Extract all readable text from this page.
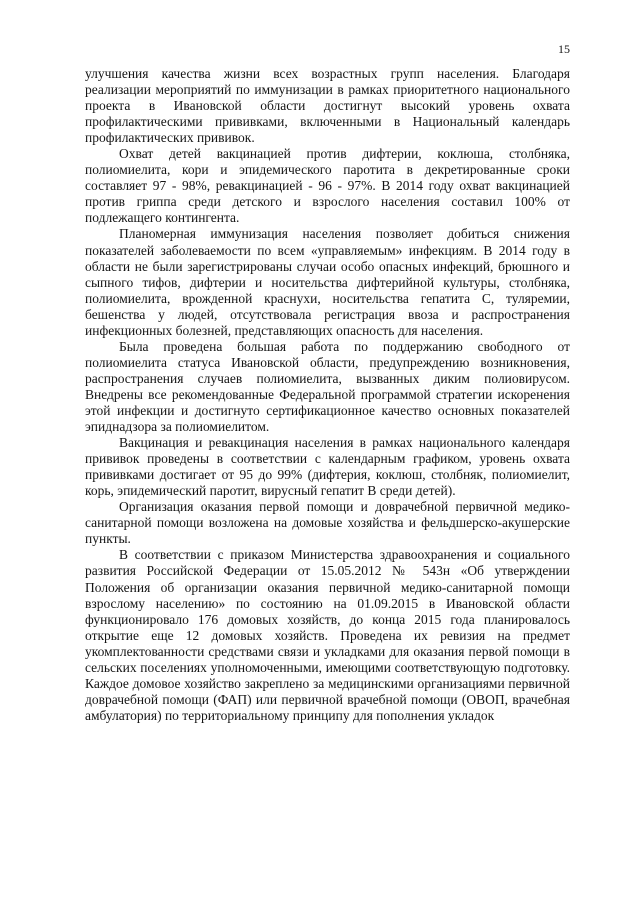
15

улучшения качества жизни всех возрастных групп населения. Благодаря реализации мероприятий по иммунизации в рамках приоритетного национального проекта в Ивановской области достигнут высокий уровень охвата профилактическими прививками, включенными в Национальный календарь профилактических прививок.

Охват детей вакцинацией против дифтерии, коклюша, столбняка, полиомиелита, кори и эпидемического паротита в декретированные сроки составляет 97 - 98%, ревакцинацией - 96 - 97%. В 2014 году охват вакцинацией против гриппа среди детского и взрослого населения составил 100% от подлежащего контингента.

Планомерная иммунизация населения позволяет добиться снижения показателей заболеваемости по всем «управляемым» инфекциям. В 2014 году в области не были зарегистрированы случаи особо опасных инфекций, брюшного и сыпного тифов, дифтерии и носительства дифтерийной культуры, столбняка, полиомиелита, врожденной краснухи, носительства гепатита С, туляремии, бешенства у людей, отсутствовала регистрация ввоза и распространения инфекционных болезней, представляющих опасность для населения.

Была проведена большая работа по поддержанию свободного от полиомиелита статуса Ивановской области, предупреждению возникновения, распространения случаев полиомиелита, вызванных диким полиовирусом. Внедрены все рекомендованные Федеральной программой стратегии искоренения этой инфекции и достигнуто сертификационное качество основных показателей эпиднадзора за полиомиелитом.

Вакцинация и ревакцинация населения в рамках национального календаря прививок проведены в соответствии с календарным графиком, уровень охвата прививками достигает от 95 до 99% (дифтерия, коклюш, столбняк, полиомиелит, корь, эпидемический паротит, вирусный гепатит В среди детей).

Организация оказания первой помощи и доврачебной первичной медико-санитарной помощи возложена на домовые хозяйства и фельдшерско-акушерские пункты.

В соответствии с приказом Министерства здравоохранения и социального развития Российской Федерации от 15.05.2012 № 543н «Об утверждении Положения об организации оказания первичной медико-санитарной помощи взрослому населению» по состоянию на 01.09.2015 в Ивановской области функционировало 176 домовых хозяйств, до конца 2015 года планировалось открытие еще 12 домовых хозяйств. Проведена их ревизия на предмет укомплектованности средствами связи и укладками для оказания первой помощи в сельских поселениях уполномоченными, имеющими соответствующую подготовку. Каждое домовое хозяйство закреплено за медицинскими организациями первичной доврачебной помощи (ФАП) или первичной врачебной помощи (ОВОП, врачебная амбулатория) по территориальному принципу для пополнения укладок
